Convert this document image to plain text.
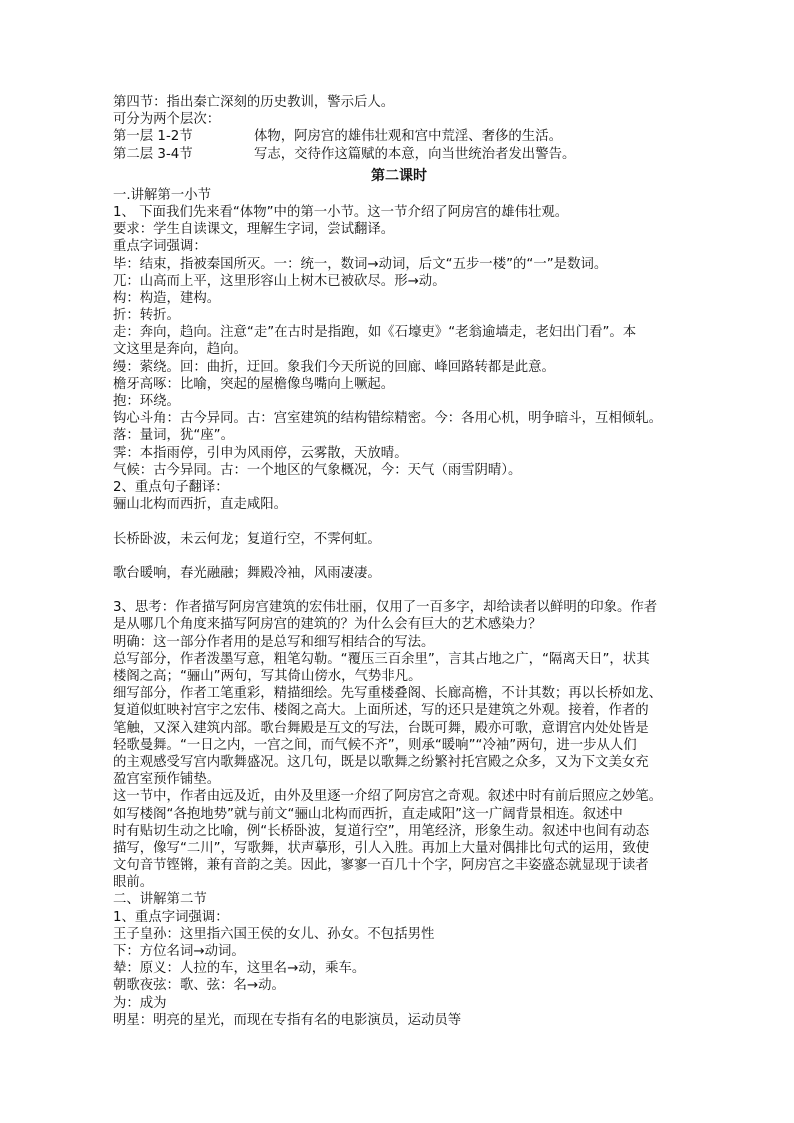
第四节：指出秦亡深刻的历史教训，警示后人。
可分为两个层次：
第一层 1-2节	体物，阿房宫的雄伟壮观和宫中荒淫、奢侈的生活。
第二层 3-4节	写志，交待作这篇赋的本意，向当世统治者发出警告。
第二课时
一.讲解第一小节
1、 下面我们先来看“体物”中的第一小节。这一节介绍了阿房宫的雄伟壮观。
要求：学生自读课文，理解生字词，尝试翻译。
重点字词强调：
毕：结束，指被秦国所灭。一：统一，数词→动词，后文“五步一楼”的“一”是数词。
兀：山高而上平，这里形容山上树木已被砍尽。形→动。
构：构造，建构。
折：转折。
走：奔向，趋向。注意“走”在古时是指跑，如《石壕吏》“老翁逾墙走，老妇出门看”。本
文这里是奔向，趋向。
缦：萦绕。回：曲折，迂回。象我们今天所说的回廊、峰回路转都是此意。
檐牙高啄：比喻，突起的屋檐像鸟嘴向上噘起。
抱：环绕。
钩心斗角：古今异同。古：宫室建筑的结构错综精密。今：各用心机，明争暗斗，互相倾轧。
落：量词，犹“座”。
霁：本指雨停，引申为风雨停，云雾散，天放晴。
气候：古今异同。古：一个地区的气象概况，今：天气（雨雪阴晴）。
2、重点句子翻译：
骊山北构而西折，直走咸阳。
长桥卧波，未云何龙；复道行空，不霁何虹。
歌台暖响，春光融融；舞殿冷袖，风雨凄凄。
3、思考：作者描写阿房宫建筑的宏伟壮丽，仅用了一百多字，却给读者以鲜明的印象。作者
是从哪几个角度来描写阿房宫的建筑的？为什么会有巨大的艺术感染力？
明确：这一部分作者用的是总写和细写相结合的写法。
总写部分，作者泼墨写意，粗笔勾勒。“覆压三百余里”，言其占地之广，“隔离天日”，状其
楼阁之高；“骊山”两句，写其倚山傍水，气势非凡。
细写部分，作者工笔重彩，精描细绘。先写重楼叠阁、长廊高檐，不计其数；再以长桥如龙、
复道似虹映衬宫宇之宏伟、楼阁之高大。上面所述，写的还只是建筑之外观。接着，作者的
笔触，又深入建筑内部。歌台舞殿是互文的写法，台既可舞，殿亦可歌，意谓宫内处处皆是
轻歌曼舞。“一日之内，一宫之间，而气候不齐”，则承“暖响”“冷袖”两句，进一步从人们
的主观感受写宫内歌舞盛况。这几句，既是以歌舞之纷繁衬托宫殿之众多，又为下文美女充
盈宫室预作铺垫。
这一节中，作者由远及近，由外及里逐一介绍了阿房宫之奇观。叙述中时有前后照应之妙笔。
如写楼阁“各抱地势”就与前文“骊山北构而西折，直走咸阳”这一广阔背景相连。叙述中
时有贴切生动之比喻，例“长桥卧波，复道行空”，用笔经济，形象生动。叙述中也间有动态
描写，像写“二川”，写歌舞，状声摹形，引人入胜。再加上大量对偶排比句式的运用，致使
文句音节铿锵，兼有音韵之美。因此，寥寥一百几十个字，阿房宫之丰姿盛态就显现于读者
眼前。
二、讲解第二节
1、重点字词强调：
王子皇孙：这里指六国王侯的女儿、孙女。不包括男性
下：方位名词→动词。
辇：原义：人拉的车，这里名→动，乘车。
朝歌夜弦：歌、弦：名→动。
为：成为
明星：明亮的星光，而现在专指有名的电影演员，运动员等
